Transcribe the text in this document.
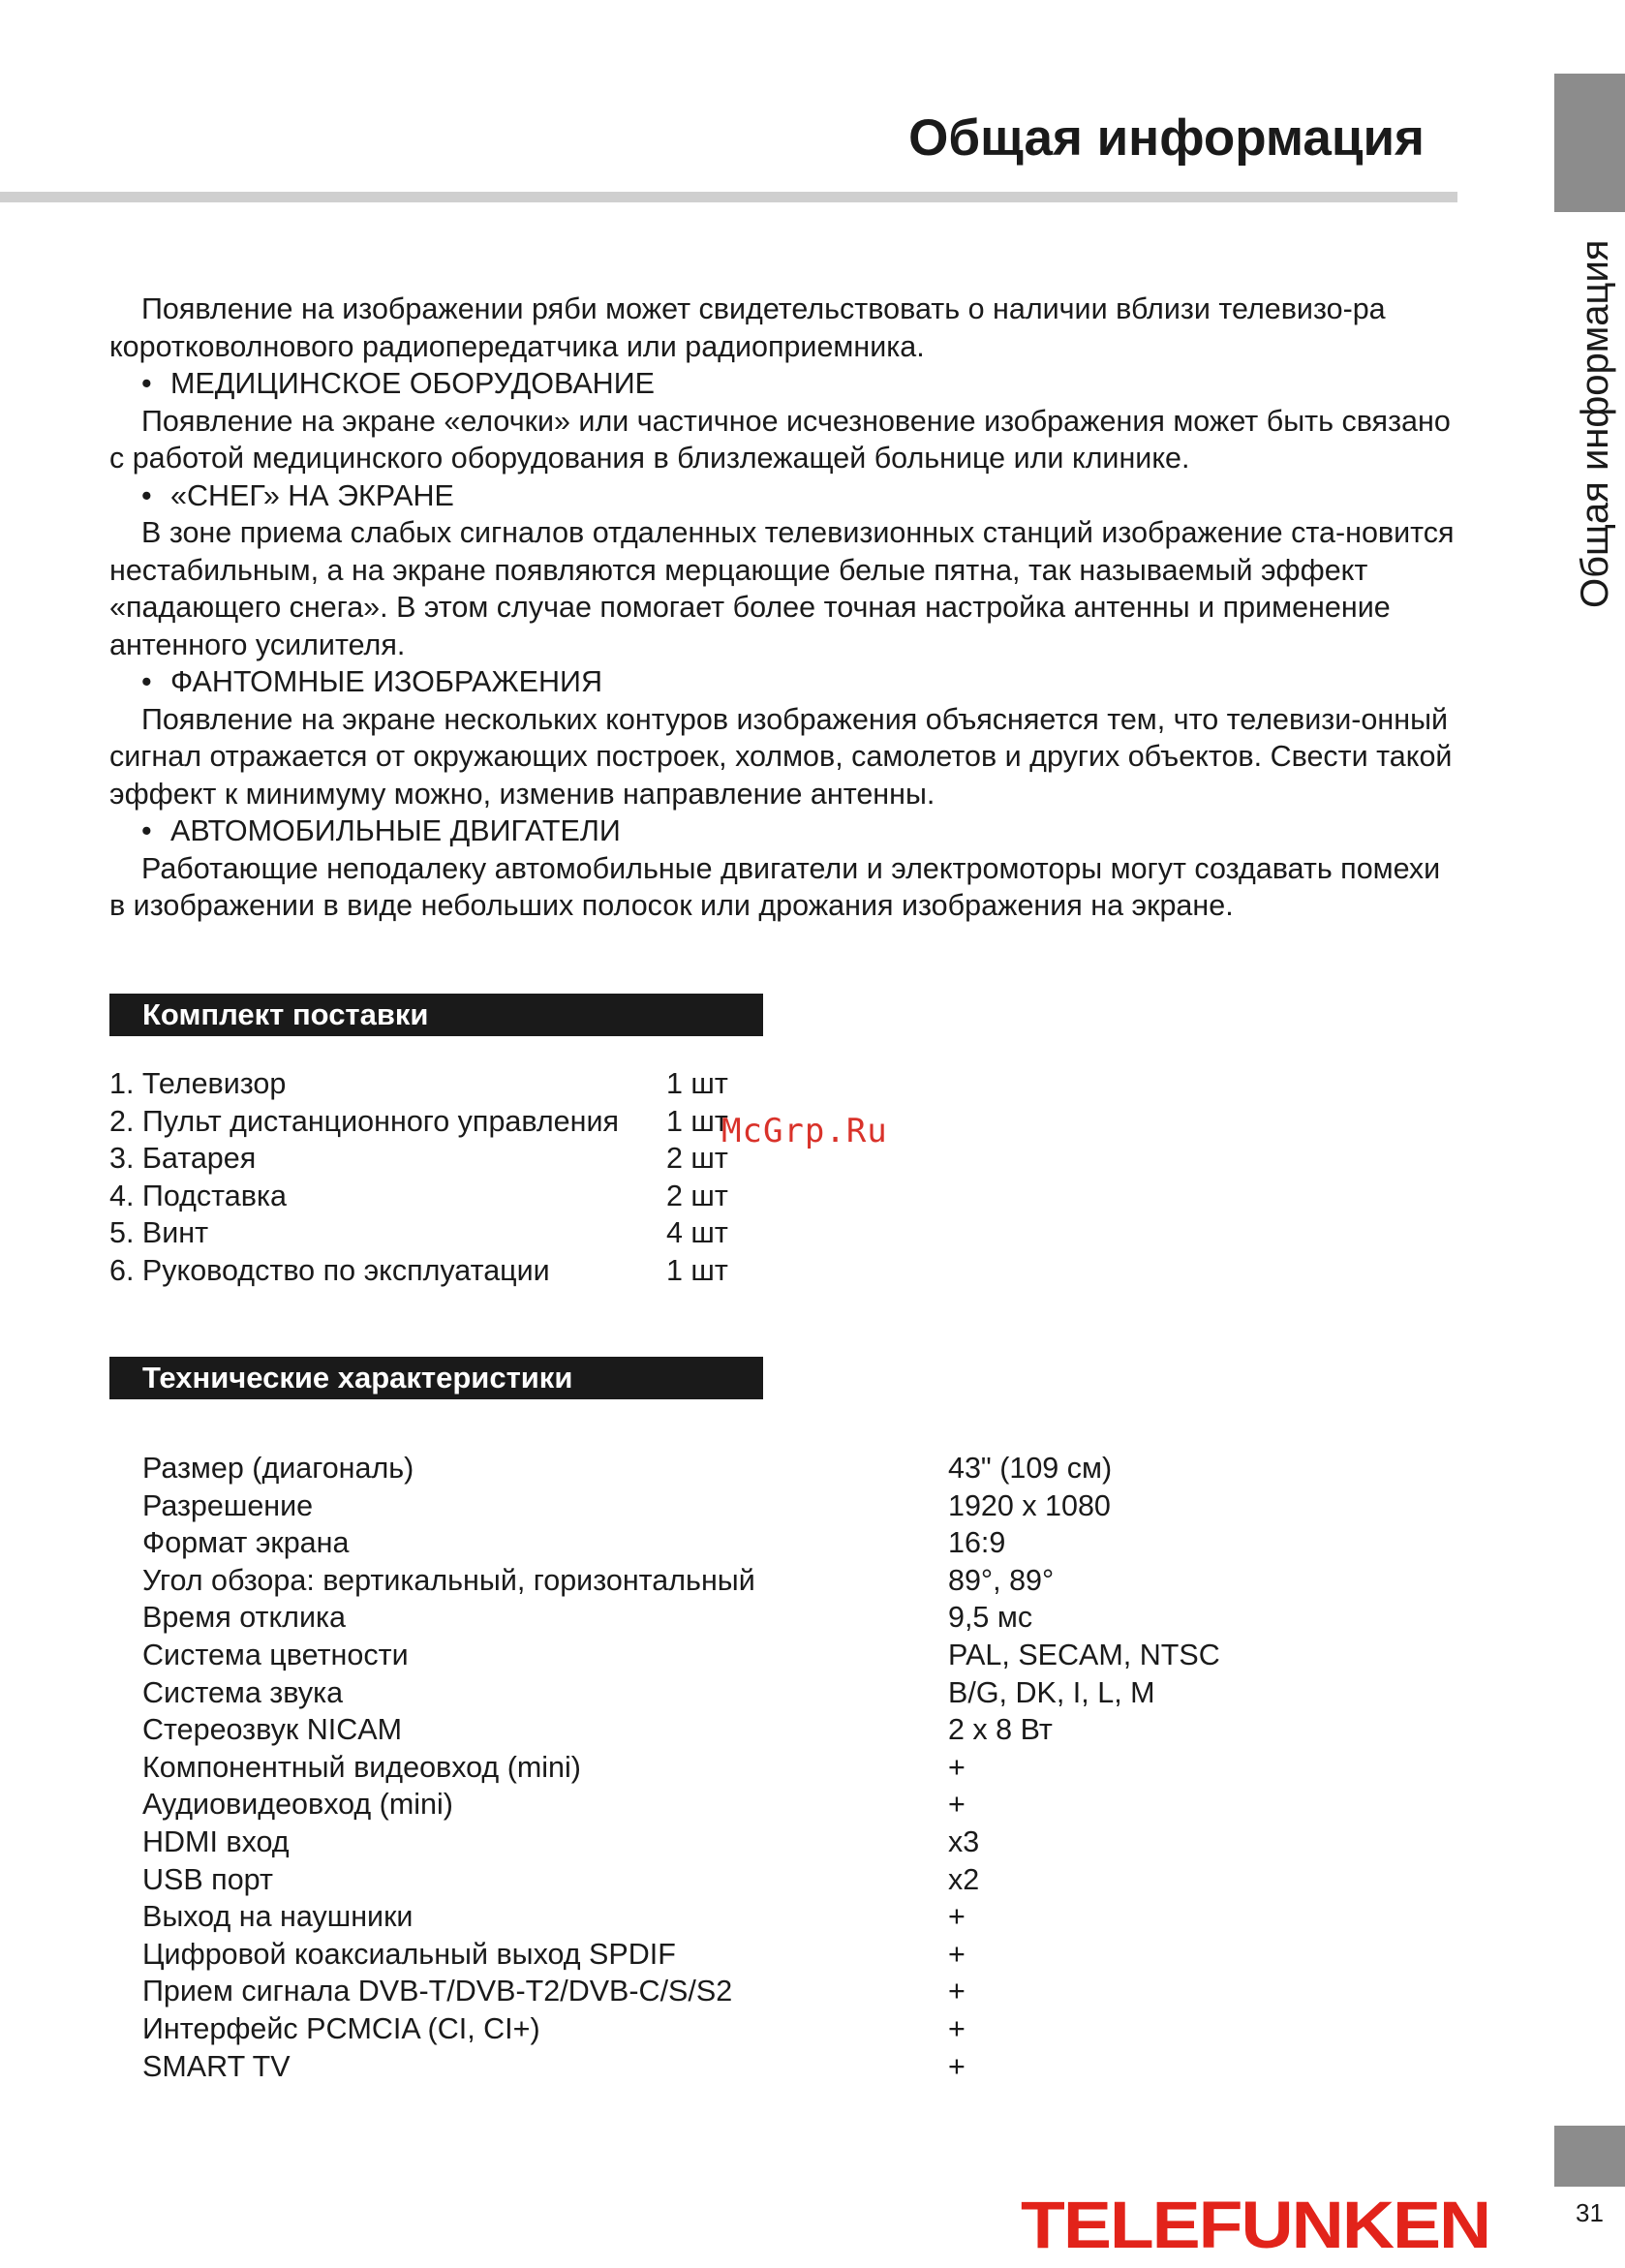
Общая информация
Общая информация

Появление на изображении ряби может свидетельствовать о наличии вблизи телевизо-ра коротковолнового радиопередатчика или радиоприемника.

• МЕДИЦИНСКОЕ ОБОРУДОВАНИЕ

Появление на экране «елочки» или частичное исчезновение изображения может быть связано с работой медицинского оборудования в близлежащей больнице или клинике.

• «СНЕГ» НА ЭКРАНЕ

В зоне приема слабых сигналов отдаленных телевизионных станций изображение ста-новится нестабильным, а на экране появляются мерцающие белые пятна, так называемый эффект «падающего снега». В этом случае помогает более точная настройка антенны и применение антенного усилителя.

• ФАНТОМНЫЕ ИЗОБРАЖЕНИЯ

Появление на экране нескольких контуров изображения объясняется тем, что телевизи-онный сигнал отражается от окружающих построек, холмов, самолетов и других объектов. Свести такой эффект к минимуму можно, изменив направление антенны.

• АВТОМОБИЛЬНЫЕ ДВИГАТЕЛИ

Работающие неподалеку автомобильные двигатели и электромоторы могут создавать помехи в изображении в виде небольших полосок или дрожания изображения на экране.

Комплект поставки
1. Телевизор	1 шт
2. Пульт дистанционного управления 1 шт
3. Батарея	2 шт
4. Подставка	2 шт
5. Винт	4 шт
6. Руководство по эксплуатации	1 шт
McGrp.Ru
Технические характеристики
Размер (диагональ)	43" (109 см)
Разрешение	1920 x 1080
Формат экрана	16:9
Угол обзора: вертикальный, горизонтальный	89°, 89°
Время отклика	9,5 мс
Система цветности	PAL, SECAM, NTSC
Система звука	B/G, DK, I, L, M
Стереозвук NICAM	2 x 8 Вт
Компонентный видеовход (mini)	+
Аудиовидеовход (mini)	+
HDMI вход	x3
USB порт	x2
Выход на наушники	+
Цифровой коаксиальный выход SPDIF	+
Прием сигнала DVB-T/DVB-T2/DVB-C/S/S2	+
Интерфейс PCMCIA (CI, CI+)	+
SMART TV	+
TELEFUNKEN	31
